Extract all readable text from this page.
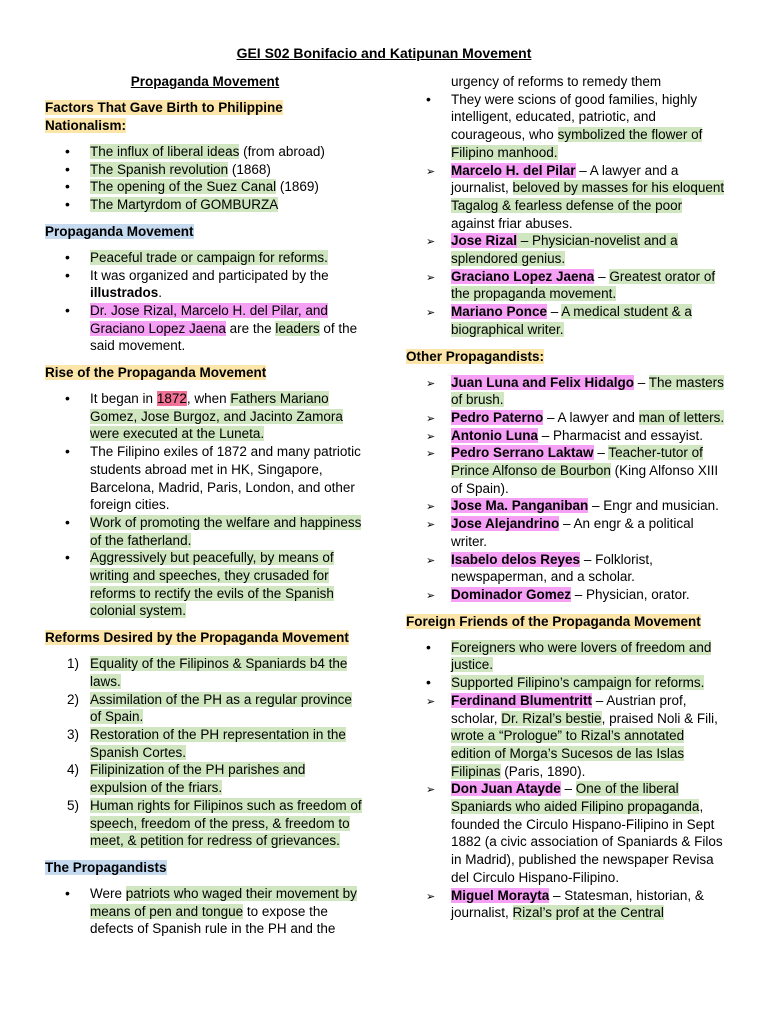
GEI S02 Bonifacio and Katipunan Movement
Propaganda Movement
Factors That Gave Birth to Philippine Nationalism:
•
The influx of liberal ideas (from abroad)
•
The Spanish revolution (1868)
•
The opening of the Suez Canal (1869)
•
The Martyrdom of GOMBURZA
Propaganda Movement
•
Peaceful trade or campaign for reforms.
•
It was organized and participated by the illustrados.
•
Dr. Jose Rizal, Marcelo H. del Pilar, and Graciano Lopez Jaena are the leaders of the said movement.
Rise of the Propaganda Movement
•
It began in 1872, when Fathers Mariano Gomez, Jose Burgoz, and Jacinto Zamora were executed at the Luneta.
•
The Filipino exiles of 1872 and many patriotic students abroad met in HK, Singapore, Barcelona, Madrid, Paris, London, and other foreign cities.
•
Work of promoting the welfare and happiness of the fatherland.
•
Aggressively but peacefully, by means of writing and speeches, they crusaded for reforms to rectify the evils of the Spanish colonial system.
Reforms Desired by the Propaganda Movement
1) Equality of the Filipinos & Spaniards b4 the laws.
2) Assimilation of the PH as a regular province of Spain.
3) Restoration of the PH representation in the Spanish Cortes.
4) Filipinization of the PH parishes and expulsion of the friars.
5) Human rights for Filipinos such as freedom of speech, freedom of the press, & freedom to meet, & petition for redress of grievances.
The Propagandists
•
Were patriots who waged their movement by means of pen and tongue to expose the defects of Spanish rule in the PH and the

urgency of reforms to remedy them

•
They were scions of good families, highly intelligent, educated, patriotic, and courageous, who symbolized the flower of Filipino manhood.
➢
Marcelo H. del Pilar – A lawyer and a journalist, beloved by masses for his eloquent Tagalog & fearless defense of the poor against friar abuses.
➢
Jose Rizal – Physician-novelist and a splendored genius.
➢
Graciano Lopez Jaena – Greatest orator of the propaganda movement.
➢
Mariano Ponce – A medical student & a biographical writer.
Other Propagandists:
➢
Juan Luna and Felix Hidalgo – The masters of brush.
➢
Pedro Paterno – A lawyer and man of letters.
➢
Antonio Luna – Pharmacist and essayist.
➢
Pedro Serrano Laktaw – Teacher-tutor of Prince Alfonso de Bourbon (King Alfonso XIII of Spain).
➢
Jose Ma. Panganiban – Engr and musician.
➢
Jose Alejandrino – An engr & a political writer.
➢
Isabelo delos Reyes – Folklorist, newspaperman, and a scholar.
➢
Dominador Gomez – Physician, orator.
Foreign Friends of the Propaganda Movement
•
Foreigners who were lovers of freedom and justice.
•
Supported Filipino’s campaign for reforms.
➢
Ferdinand Blumentritt – Austrian prof, scholar, Dr. Rizal’s bestie, praised Noli & Fili, wrote a “Prologue” to Rizal’s annotated edition of Morga’s Sucesos de las Islas Filipinas (Paris, 1890).
➢
Don Juan Atayde – One of the liberal Spaniards who aided Filipino propaganda, founded the Circulo Hispano-Filipino in Sept 1882 (a civic association of Spaniards & Filos in Madrid), published the newspaper Revisa del Circulo Hispano-Filipino.
➢
Miguel Morayta – Statesman, historian, & journalist, Rizal’s prof at the Central
